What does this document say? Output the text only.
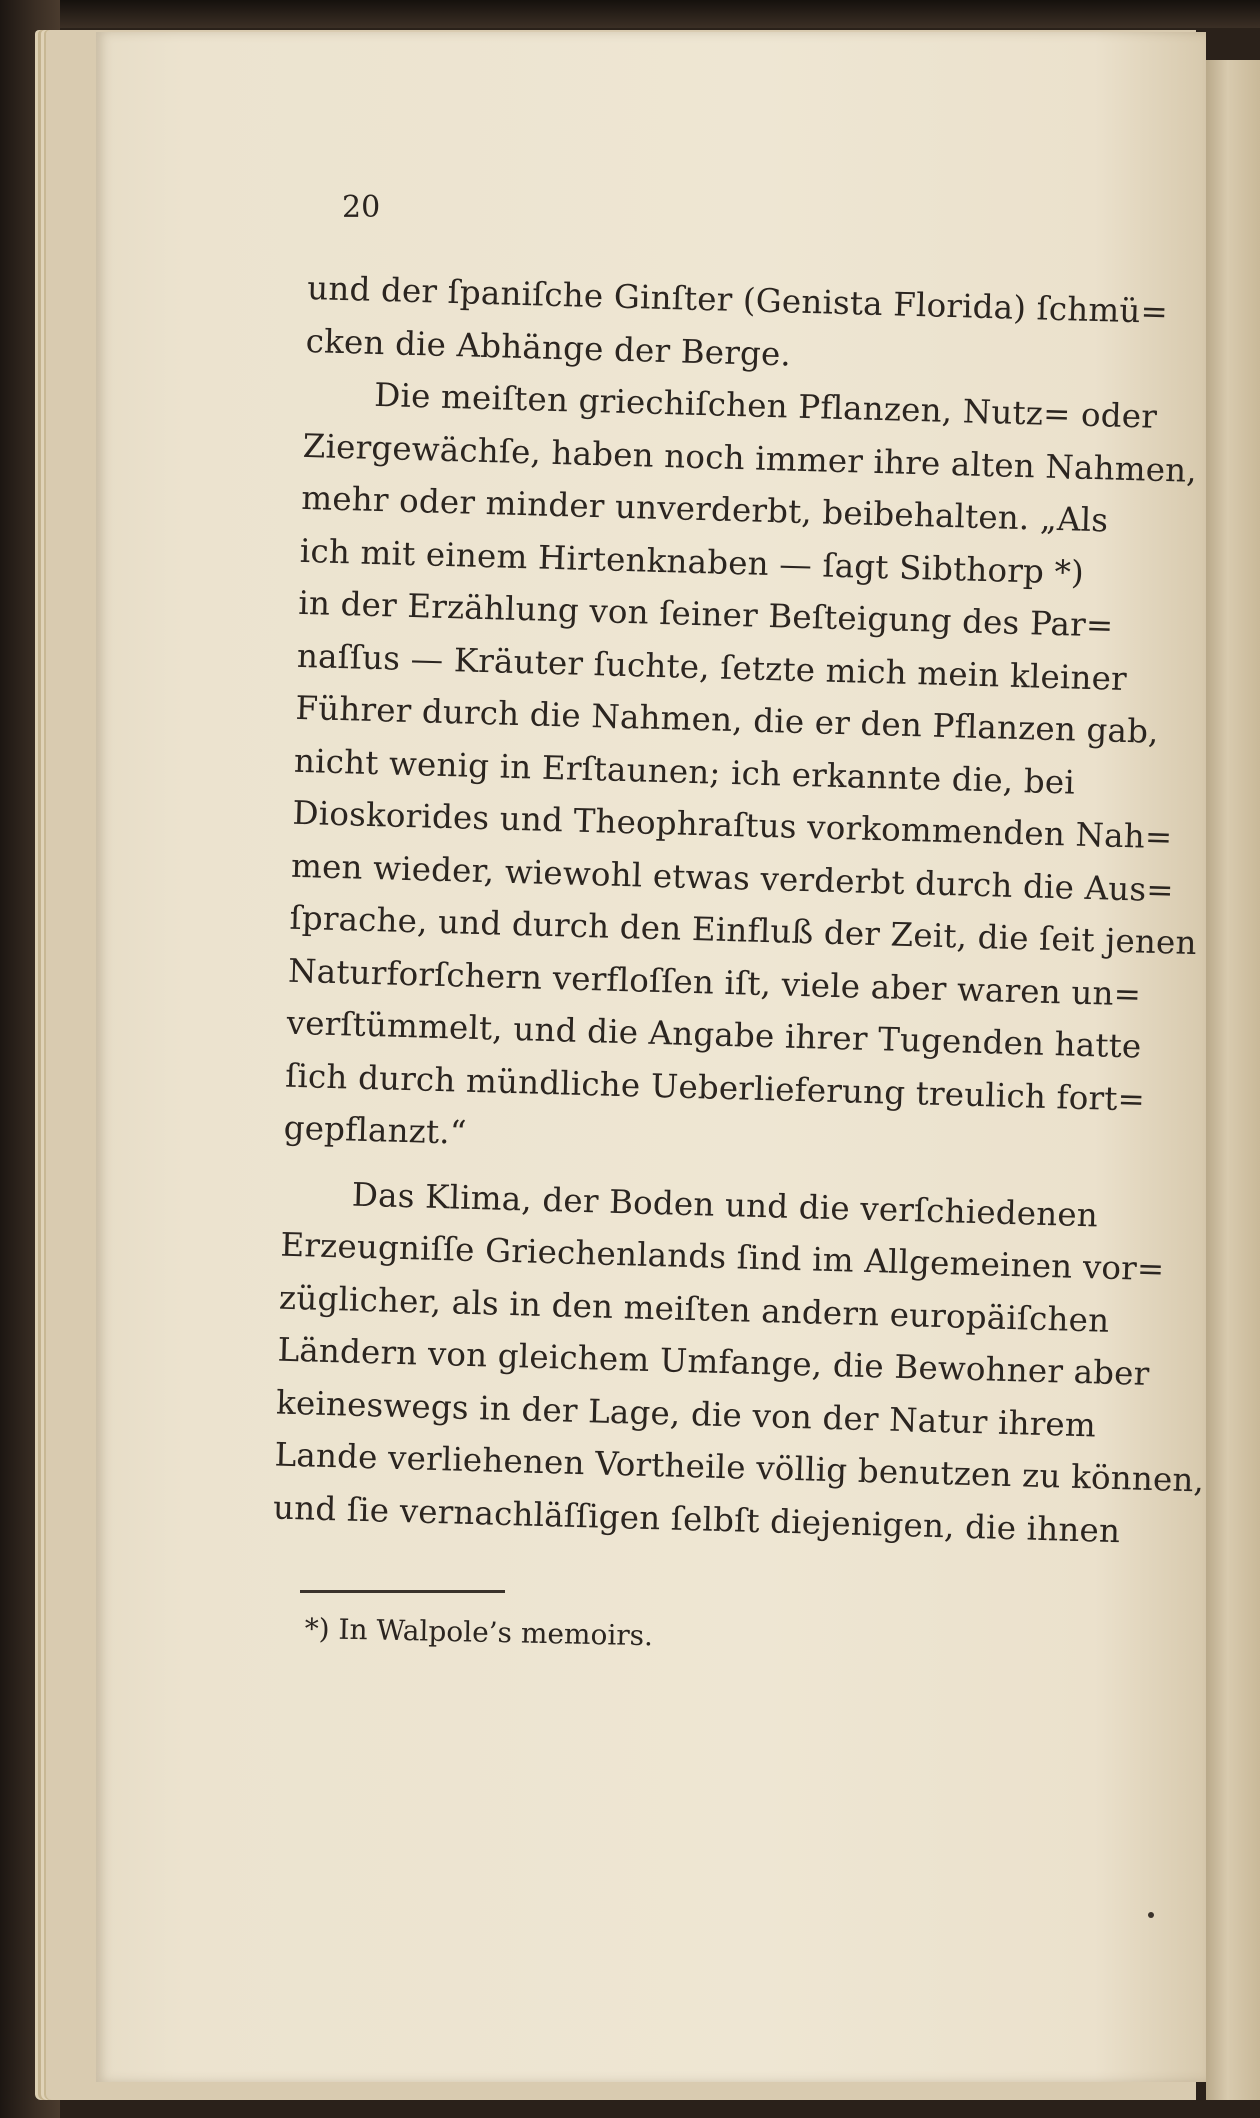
20

und der ſpaniſche Ginſter (Genista Florida) ſchmü=
cken die Abhänge der Berge.

Die meiſten griechiſchen Pflanzen, Nutz= oder
Ziergewächſe, haben noch immer ihre alten Nahmen,
mehr oder minder unverderbt, beibehalten. „Als
ich mit einem Hirtenknaben — ſagt Sibthorp *)
in der Erzählung von ſeiner Beſteigung des Par=
naſſus — Kräuter ſuchte, ſetzte mich mein kleiner
Führer durch die Nahmen, die er den Pflanzen gab,
nicht wenig in Erſtaunen; ich erkannte die, bei
Dioskorides und Theophraſtus vorkommenden Nah=
men wieder, wiewohl etwas verderbt durch die Aus=
ſprache, und durch den Einfluß der Zeit, die ſeit jenen
Naturforſchern verfloſſen iſt, viele aber waren un=
verſtümmelt, und die Angabe ihrer Tugenden hatte
ſich durch mündliche Ueberlieferung treulich fort=
gepflanzt.“

Das Klima, der Boden und die verſchiedenen
Erzeugniſſe Griechenlands ſind im Allgemeinen vor=
züglicher, als in den meiſten andern europäiſchen
Ländern von gleichem Umfange, die Bewohner aber
keineswegs in der Lage, die von der Natur ihrem
Lande verliehenen Vortheile völlig benutzen zu können,
und ſie vernachläſſigen ſelbſt diejenigen, die ihnen

*) In Walpole’s memoirs.
